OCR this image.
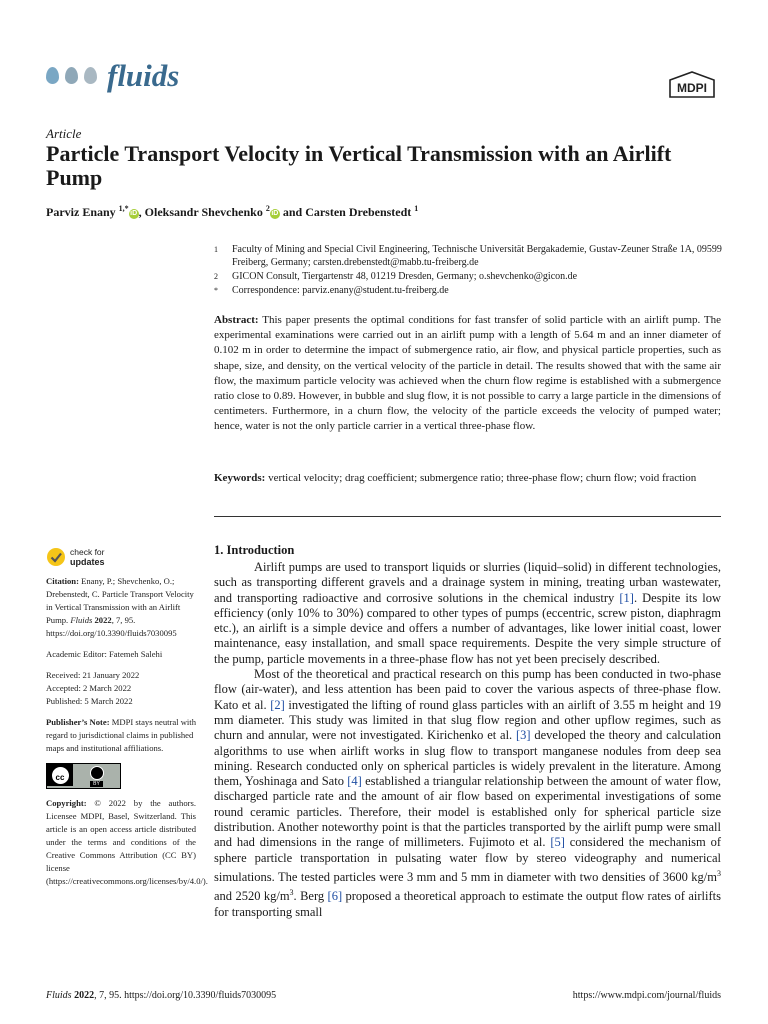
fluids	MDPI
Article
Particle Transport Velocity in Vertical Transmission with an Airlift Pump
Parviz Enany $^{1,*}$iD , Oleksandr Shevchenko $^2$iD and Carsten Drebenstedt $^1$
1	Faculty of Mining and Special Civil Engineering, Technische Universität Bergakademie, Gustav-Zeuner Straße 1A, 09599 Freiberg, Germany; carsten.drebenstedt@mabb.tu-freiberg.de
2	GICON Consult, Tiergartenstr 48, 01219 Dresden, Germany; o.shevchenko@gicon.de
*	Correspondence: parviz.enany@student.tu-freiberg.de

Abstract: This paper presents the optimal conditions for fast transfer of solid particle with an airlift pump. The experimental examinations were carried out in an airlift pump with a length of 5.64 m and an inner diameter of 0.102 m in order to determine the impact of submergence ratio, air flow, and physical particle properties, such as shape, size, and density, on the vertical velocity of the particle in detail. The results showed that with the same air flow, the maximum particle velocity was achieved when the churn flow regime is established with a submergence ratio close to 0.89. However, in bubble and slug flow, it is not possible to carry a large particle in the dimensions of centimeters. Furthermore, in a churn flow, the velocity of the particle exceeds the velocity of pumped water; hence, water is not the only particle carrier in a vertical three-phase flow.

Keywords: vertical velocity; drag coefficient; submergence ratio; three-phase flow; churn flow; void fraction

check for
updates

Citation: Enany, P.; Shevchenko, O.; Drebenstedt, C. Particle Transport Velocity in Vertical Transmission with an Airlift Pump. Fluids 2022, 7, 95. https://doi.org/10.3390/fluids7030095

Academic Editor: Fatemeh Salehi

Received: 21 January 2022

Accepted: 2 March 2022

Published: 5 March 2022

Publisher’s Note: MDPI stays neutral with regard to jurisdictional claims in published maps and institutional affiliations.

cc
BY

Copyright: © 2022 by the authors. Licensee MDPI, Basel, Switzerland. This article is an open access article distributed under the terms and conditions of the Creative Commons Attribution (CC BY) license (https://creativecommons.org/licenses/by/4.0/).

1. Introduction

Airlift pumps are used to transport liquids or slurries (liquid–solid) in different technologies, such as transporting different gravels and a drainage system in mining, treating urban wastewater, and transporting radioactive and corrosive solutions in the chemical industry [1]. Despite its low efficiency (only 10% to 30%) compared to other types of pumps (eccentric, screw piston, diaphragm etc.), an airlift is a simple device and offers a number of advantages, like lower initial coast, lower maintenance, easy installation, and small space requirements. Despite the very simple structure of the pump, particle movements in a three-phase flow has not yet been precisely described.

Most of the theoretical and practical research on this pump has been conducted in two-phase flow (air-water), and less attention has been paid to cover the various aspects of three-phase flow. Kato et al. [2] investigated the lifting of round glass particles with an airlift of 3.55 m height and 19 mm diameter. This study was limited in that slug flow region and other upflow regimes, such as churn and annular, were not investigated. Kirichenko et al. [3] developed the theory and calculation algorithms to use when airlift works in slug flow to transport manganese nodules from deep sea mining. Research conducted only on spherical particles is widely prevalent in the literature. Among them, Yoshinaga and Sato [4] established a triangular relationship between the amount of water flow, discharged particle rate and the amount of air flow based on experimental investigations of some round ceramic particles. Therefore, their model is established only for spherical particle size distribution. Another noteworthy point is that the particles transported by the airlift pump were small and had dimensions in the range of millimeters. Fujimoto et al. [5] considered the mechanism of sphere particle transportation in pulsating water flow by stereo videography and numerical simulations. The tested particles were 3 mm and 5 mm in diameter with two densities of 3600 $kg/m^3$ and 2520 $kg/m^3$. Berg [6] proposed a theoretical approach to estimate the output flow rates of airlifts for transporting small

Fluids 2022, 7, 95. https://doi.org/10.3390/fluids7030095	https://www.mdpi.com/journal/fluids
